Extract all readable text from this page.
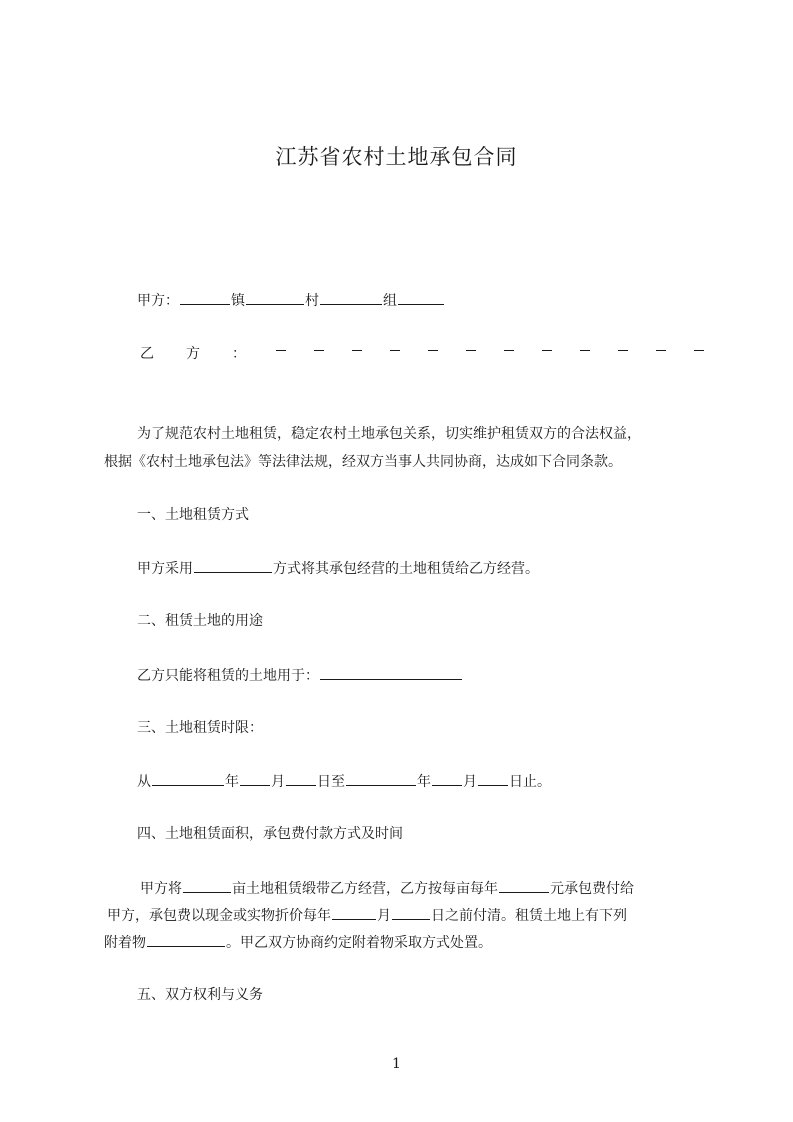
江苏省农村土地承包合同
甲方：	镇	村	组
乙 方 ：
为了规范农村土地租赁，稳定农村土地承包关系，切实维护租赁双方的合法权益，
根据《农村土地承包法》等法律法规，经双方当事人共同协商，达成如下合同条款。
一、土地租赁方式
甲方采用	方式将其承包经营的土地租赁给乙方经营。
二、租赁土地的用途
乙方只能将租赁的土地用于：
三、土地租赁时限：
从	年 月 日至	年 月 日止。
四、土地租赁面积，承包费付款方式及时间
甲方将	亩土地租赁缎带乙方经营，乙方按每亩每年	元承包费付给
甲方，承包费以现金或实物折价每年	月	日之前付清。租赁土地上有下列
附着物	。甲乙双方协商约定附着物采取方式处置。
五、双方权利与义务
1
